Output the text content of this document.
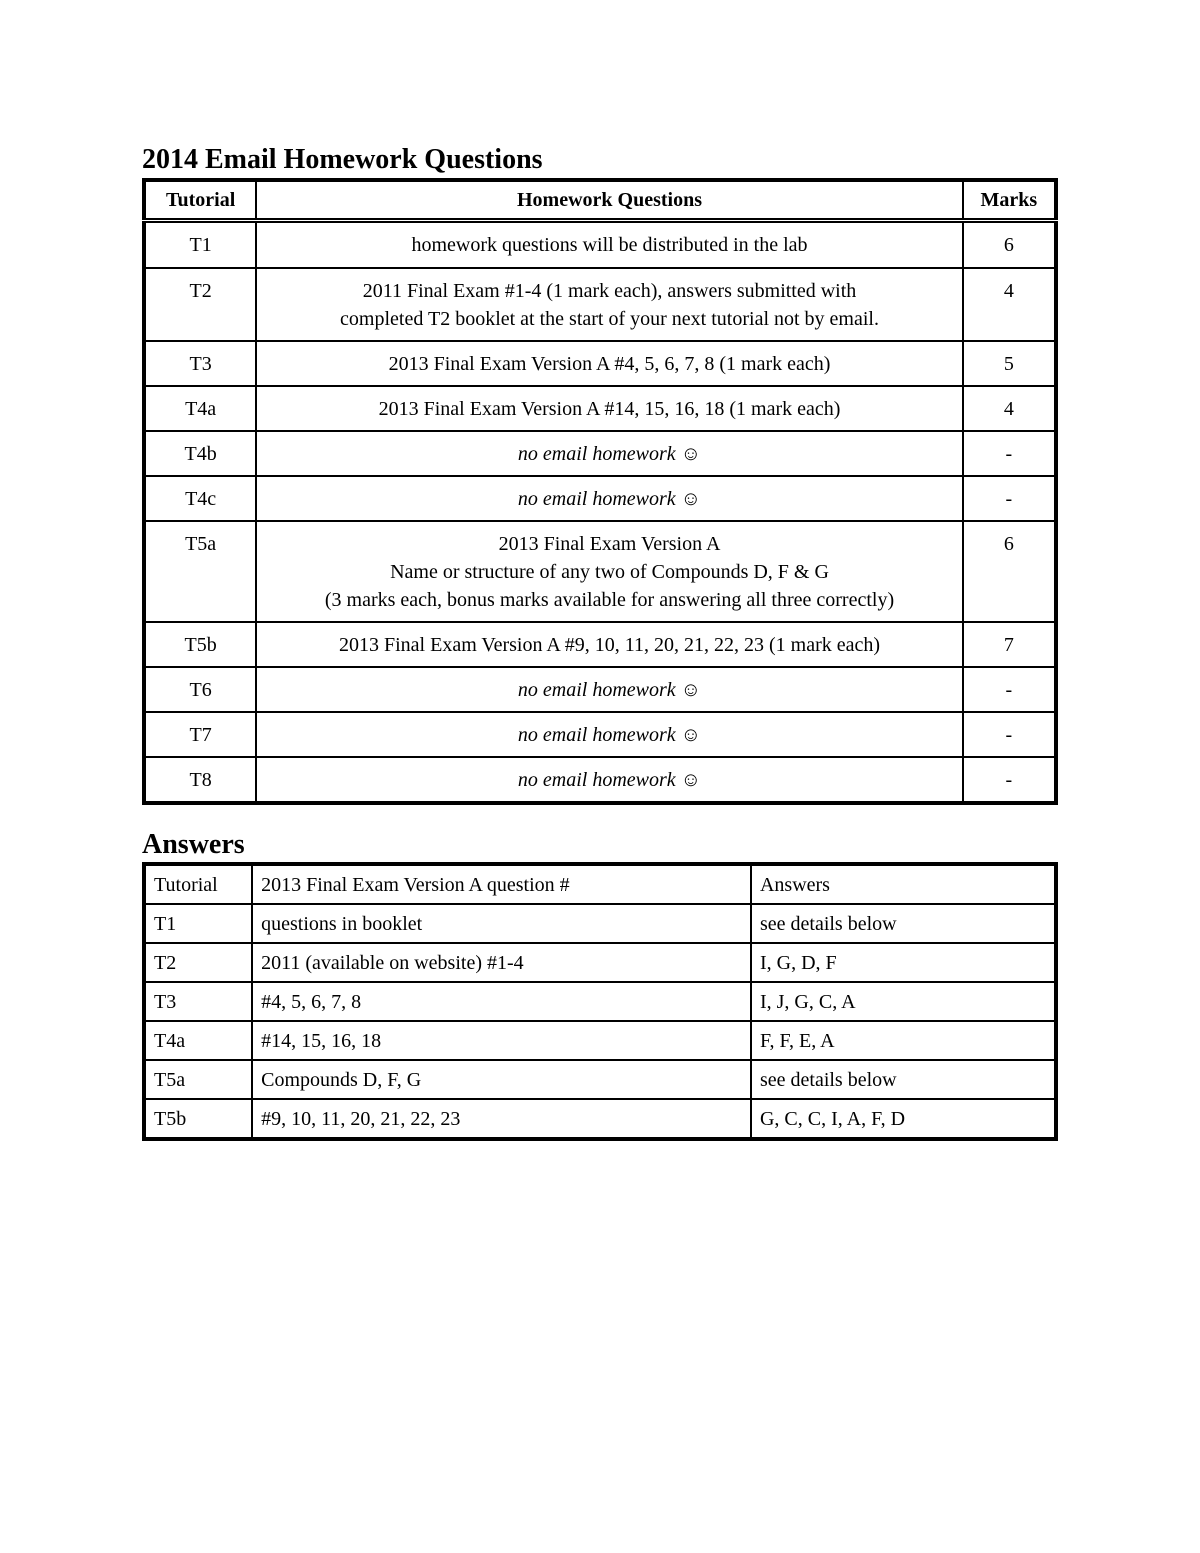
2014 Email Homework Questions
Tutorial	Homework Questions	Marks
T1	homework questions will be distributed in the lab	6
T2	2011 Final Exam #1-4 (1 mark each), answers submitted with
completed T2 booklet at the start of your next tutorial not by email.	4
T3	2013 Final Exam Version A #4, 5, 6, 7, 8 (1 mark each)	5
T4a	2013 Final Exam Version A #14, 15, 16, 18 (1 mark each)	4
T4b	no email homework ☺	-
T4c	no email homework ☺	-
T5a	2013 Final Exam Version A
Name or structure of any two of Compounds D, F & G
(3 marks each, bonus marks available for answering all three correctly)	6
T5b	2013 Final Exam Version A #9, 10, 11, 20, 21, 22, 23 (1 mark each)	7
T6	no email homework ☺	-
T7	no email homework ☺	-
T8	no email homework ☺	-
Answers
Tutorial	2013 Final Exam Version A question #	Answers
T1	questions in booklet	see details below
T2	2011 (available on website) #1-4	I, G, D, F
T3	#4, 5, 6, 7, 8	I, J, G, C, A
T4a	#14, 15, 16, 18	F, F, E, A
T5a	Compounds D, F, G	see details below
T5b	#9, 10, 11, 20, 21, 22, 23	G, C, C, I, A, F, D
